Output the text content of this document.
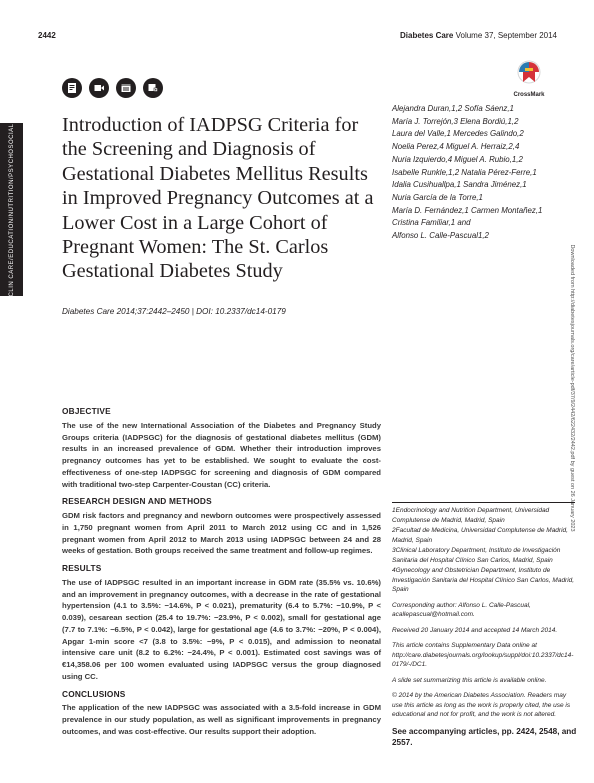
2442	Diabetes Care Volume 37, September 2014
CLIN CARE/EDUCATION/NUTRITION/PSYCHOSOCIAL
Downloaded from http://diabetesjournals.org/care/article-pdf/37/9/2442/622432/2442.pdf by guest on 26 January 2023
CrossMark
Introduction of IADPSG Criteria for the Screening and Diagnosis of Gestational Diabetes Mellitus Results in Improved Pregnancy Outcomes at a Lower Cost in a Large Cohort of Pregnant Women: The St. Carlos Gestational Diabetes Study
Diabetes Care 2014;37:2442–2450 | DOI: 10.2337/dc14-0179
Alejandra Duran,1,2 Sofía Sáenz,1
María J. Torrejón,3 Elena Bordiú,1,2
Laura del Valle,1 Mercedes Galindo,2
Noelia Perez,4 Miguel A. Herraiz,2,4
Nuria Izquierdo,4 Miguel A. Rubio,1,2
Isabelle Runkle,1,2 Natalia Pérez-Ferre,1
Idalia Cusihuallpa,1 Sandra Jiménez,1
Nuria García de la Torre,1
María D. Fernández,1 Carmen Montañez,1
Cristina Familiar,1 and
Alfonso L. Calle-Pascual1,2
OBJECTIVE

The use of the new International Association of the Diabetes and Pregnancy Study Groups criteria (IADPSGC) for the diagnosis of gestational diabetes mellitus (GDM) results in an increased prevalence of GDM. Whether their introduction improves pregnancy outcomes has yet to be established. We sought to evaluate the cost-effectiveness of one-step IADPSGC for screening and diagnosis of GDM compared with traditional two-step Carpenter-Coustan (CC) criteria.

RESEARCH DESIGN AND METHODS

GDM risk factors and pregnancy and newborn outcomes were prospectively assessed in 1,750 pregnant women from April 2011 to March 2012 using CC and in 1,526 pregnant women from April 2012 to March 2013 using IADPSGC between 24 and 28 weeks of gestation. Both groups received the same treatment and follow-up regimes.

RESULTS

The use of IADPSGC resulted in an important increase in GDM rate (35.5% vs. 10.6%) and an improvement in pregnancy outcomes, with a decrease in the rate of gestational hypertension (4.1 to 3.5%: −14.6%, P < 0.021), prematurity (6.4 to 5.7%: −10.9%, P < 0.039), cesarean section (25.4 to 19.7%: −23.9%, P < 0.002), small for gestational age (7.7 to 7.1%: −6.5%, P < 0.042), large for gestational age (4.6 to 3.7%: −20%, P < 0.004), Apgar 1-min score <7 (3.8 to 3.5%: −9%, P < 0.015), and admission to neonatal intensive care unit (8.2 to 6.2%: −24.4%, P < 0.001). Estimated cost savings was of €14,358.06 per 100 women evaluated using IADPSGC versus the group diagnosed using CC.

CONCLUSIONS

The application of the new IADPSGC was associated with a 3.5-fold increase in GDM prevalence in our study population, as well as significant improvements in pregnancy outcomes, and was cost-effective. Our results support their adoption.

1Endocrinology and Nutrition Department, Universidad Complutense de Madrid, Madrid, Spain

2Facultad de Medicina, Universidad Complutense de Madrid, Madrid, Spain

3Clinical Laboratory Department, Instituto de Investigación Sanitaria del Hospital Clínico San Carlos, Madrid, Spain

4Gynecology and Obstetrician Department, Instituto de Investigación Sanitaria del Hospital Clínico San Carlos, Madrid, Spain

Corresponding author: Alfonso L. Calle-Pascual, acallepascual@hotmail.com.

Received 20 January 2014 and accepted 14 March 2014.

This article contains Supplementary Data online at http://care.diabetesjournals.org/lookup/suppl/doi:10.2337/dc14-0179/-/DC1.

A slide set summarizing this article is available online.

© 2014 by the American Diabetes Association. Readers may use this article as long as the work is properly cited, the use is educational and not for profit, and the work is not altered.

See accompanying articles, pp. 2424, 2548, and 2557.
